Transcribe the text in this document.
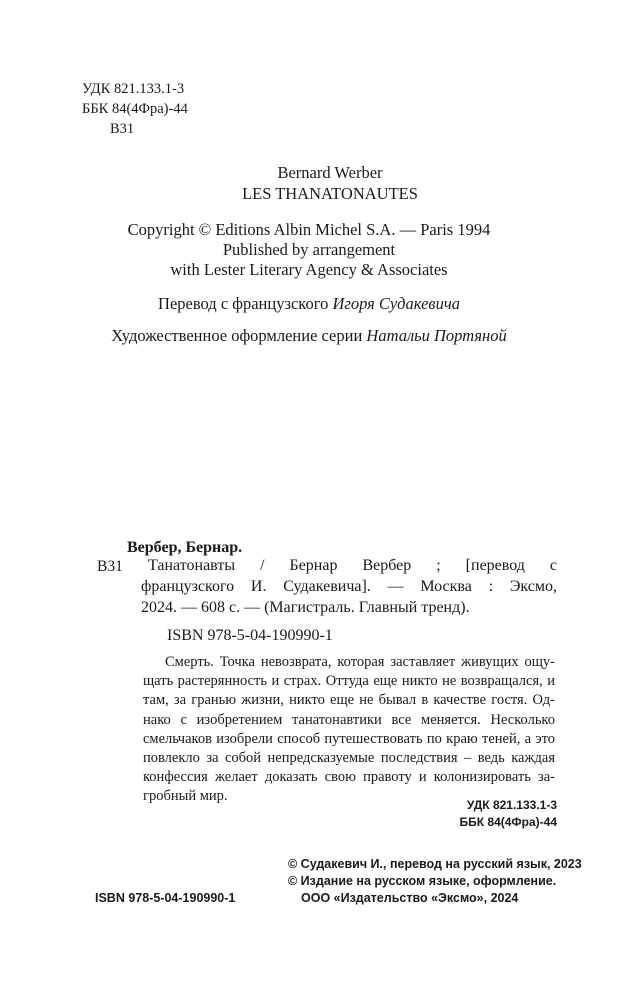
УДК 821.133.1-3
ББК 84(4Фра)-44
В31
Bernard Werber
LES THANATONAUTES
Copyright © Editions Albin Michel S.A. — Paris 1994
Published by arrangement
with Lester Literary Agency & Associates
Перевод с французского Игоря Судакевича
Художественное оформление серии Натальи Портяной
Вербер, Бернар.
В31 Танатонавты / Бернар Вербер ; [перевод с
французского И. Судакевича]. — Москва : Эксмо,
2024. — 608 с. — (Магистраль. Главный тренд).
ISBN 978-5-04-190990-1
Смерть. Точка невозврата, которая заставляет живущих ощу-
щать растерянность и страх. Оттуда еще никто не возвращался, и
там, за гранью жизни, никто еще не бывал в качестве гостя. Од-
нако с изобретением танатонавтики все меняется. Несколько
смельчаков изобрели способ путешествовать по краю теней, а это
повлекло за собой непредсказуемые последствия – ведь каждая
конфессия желает доказать свою правоту и колонизировать за-
гробный мир.
УДК 821.133.1-3
ББК 84(4Фра)-44
© Судакевич И., перевод на русский язык, 2023
© Издание на русском языке, оформление.
ООО «Издательство «Эксмо», 2024
ISBN 978-5-04-190990-1
